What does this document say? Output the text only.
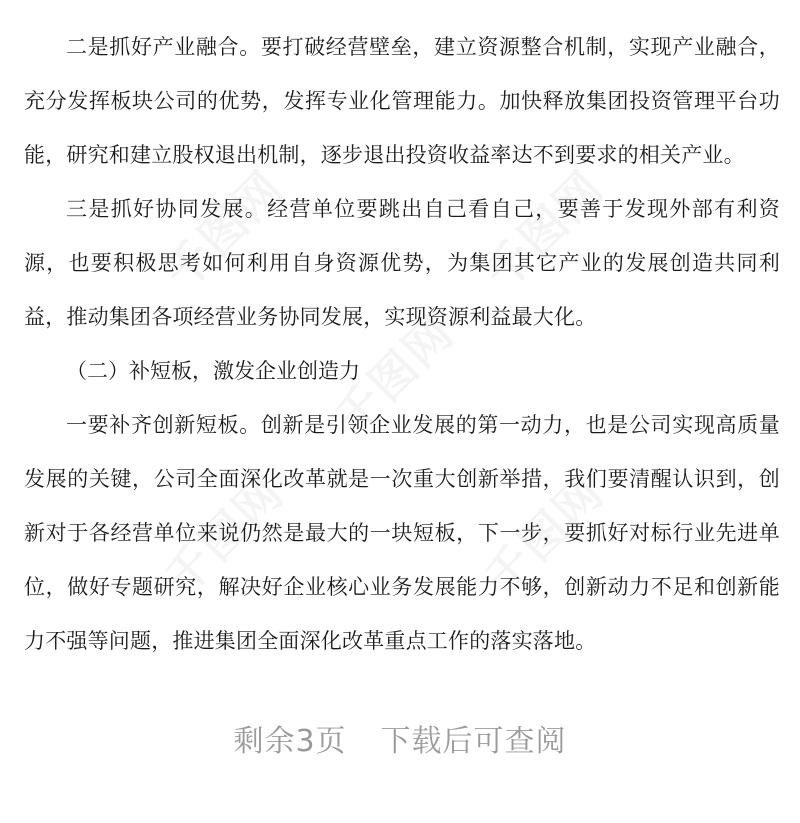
二是抓好产业融合。要打破经营壁垒，建立资源整合机制，实现产业融合，充分发挥板块公司的优势，发挥专业化管理能力。加快释放集团投资管理平台功能，研究和建立股权退出机制，逐步退出投资收益率达不到要求的相关产业。

三是抓好协同发展。经营单位要跳出自己看自己，要善于发现外部有利资源，也要积极思考如何利用自身资源优势，为集团其它产业的发展创造共同利益，推动集团各项经营业务协同发展，实现资源利益最大化。

（二）补短板，激发企业创造力

一要补齐创新短板。创新是引领企业发展的第一动力，也是公司实现高质量发展的关键，公司全面深化改革就是一次重大创新举措，我们要清醒认识到，创新对于各经营单位来说仍然是最大的一块短板，下一步，要抓好对标行业先进单位，做好专题研究，解决好企业核心业务发展能力不够，创新动力不足和创新能力不强等问题，推进集团全面深化改革重点工作的落实落地。

剩余3页 下载后可查阅
